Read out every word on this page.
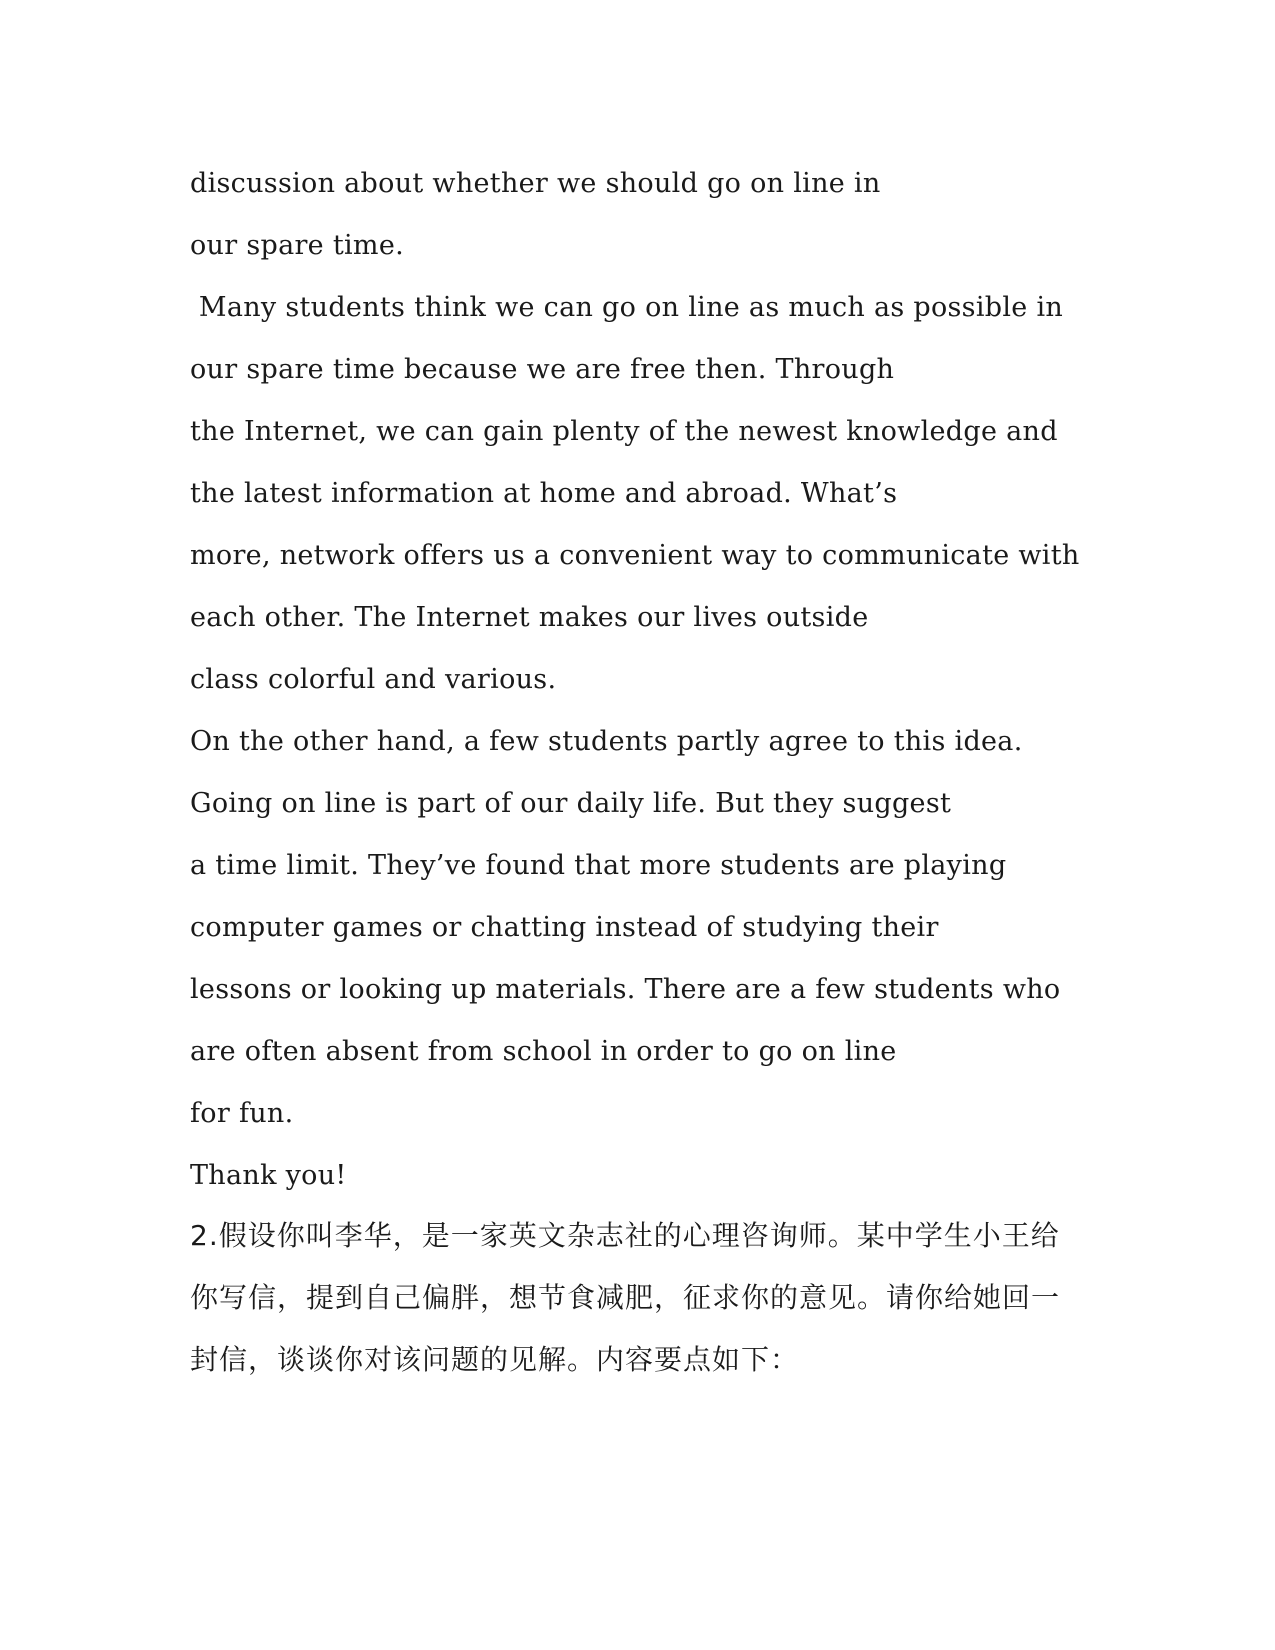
discussion about whether we should go on line in

our spare time.

Many students think we can go on line as much as possible in

our spare time because we are free then. Through

the Internet, we can gain plenty of the newest knowledge and

the latest information at home and abroad. What’s

more, network offers us a convenient way to communicate with

each other. The Internet makes our lives outside

class colorful and various.

On the other hand, a few students partly agree to this idea.

Going on line is part of our daily life. But they suggest

a time limit. They’ve found that more students are playing

computer games or chatting instead of studying their

lessons or looking up materials. There are a few students who

are often absent from school in order to go on line

for fun.

Thank you!

2.假设你叫李华，是一家英文杂志社的心理咨询师。某中学生小王给

你写信，提到自己偏胖，想节食减肥，征求你的意见。请你给她回一

封信，谈谈你对该问题的见解。内容要点如下：
